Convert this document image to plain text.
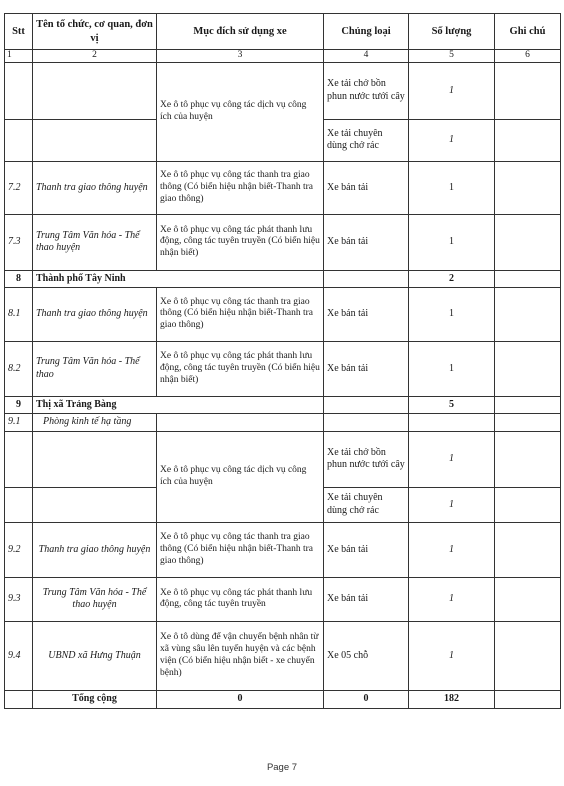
Stt	Tên tổ chức, cơ quan, đơn vị	Mục đích sử dụng xe	Chủng loại	Số lượng	Ghi chú
1	2	3	4	5	6
		Xe ô tô phục vụ công tác dịch vụ công ích của huyện	Xe tải chở bồn phun nước tưới cây	1	
			Xe tải chuyên dùng chở rác	1	
7.2	Thanh tra giao thông huyện	Xe ô tô phục vụ công tác thanh tra giao thông (Có biển hiệu nhận biết-Thanh tra giao thông)	Xe bán tải	1	
7.3	Trung Tâm Văn hóa - Thể thao huyện	Xe ô tô phục vụ công tác phát thanh lưu động, công tác tuyên truyền (Có biển hiệu nhận biết)	Xe bán tải	1	
8	Thành phố Tây Ninh			2	
8.1	Thanh tra giao thông huyện	Xe ô tô phục vụ công tác thanh tra giao thông (Có biển hiệu nhận biết-Thanh tra giao thông)	Xe bán tải	1	
8.2	Trung Tâm Văn hóa - Thể thao	Xe ô tô phục vụ công tác phát thanh lưu động, công tác tuyên truyền (Có biển hiệu nhận biết)	Xe bán tải	1	
9	Thị xã Trảng Bàng			5	
9.1	Phòng kinh tế hạ tầng				
		Xe ô tô phục vụ công tác dịch vụ công ích của huyện	Xe tải chở bồn phun nước tưới cây	1	
			Xe tải chuyên dùng chở rác	1	
9.2	Thanh tra giao thông huyện	Xe ô tô phục vụ công tác thanh tra giao thông (Có biển hiệu nhận biết-Thanh tra giao thông)	Xe bán tải	1	
9.3	Trung Tâm Văn hóa - Thể thao huyện	Xe ô tô phục vụ công tác phát thanh lưu động, công tác tuyên truyền	Xe bán tải	1	
9.4	UBND xã Hưng Thuận	Xe ô tô dùng để vận chuyển bệnh nhân từ xã vùng sâu lên tuyến huyện và các bệnh viện (Có biển hiệu nhận biết - xe chuyển bệnh)	Xe 05 chỗ	1	
	Tổng cộng	0	0	182	
Page 7
